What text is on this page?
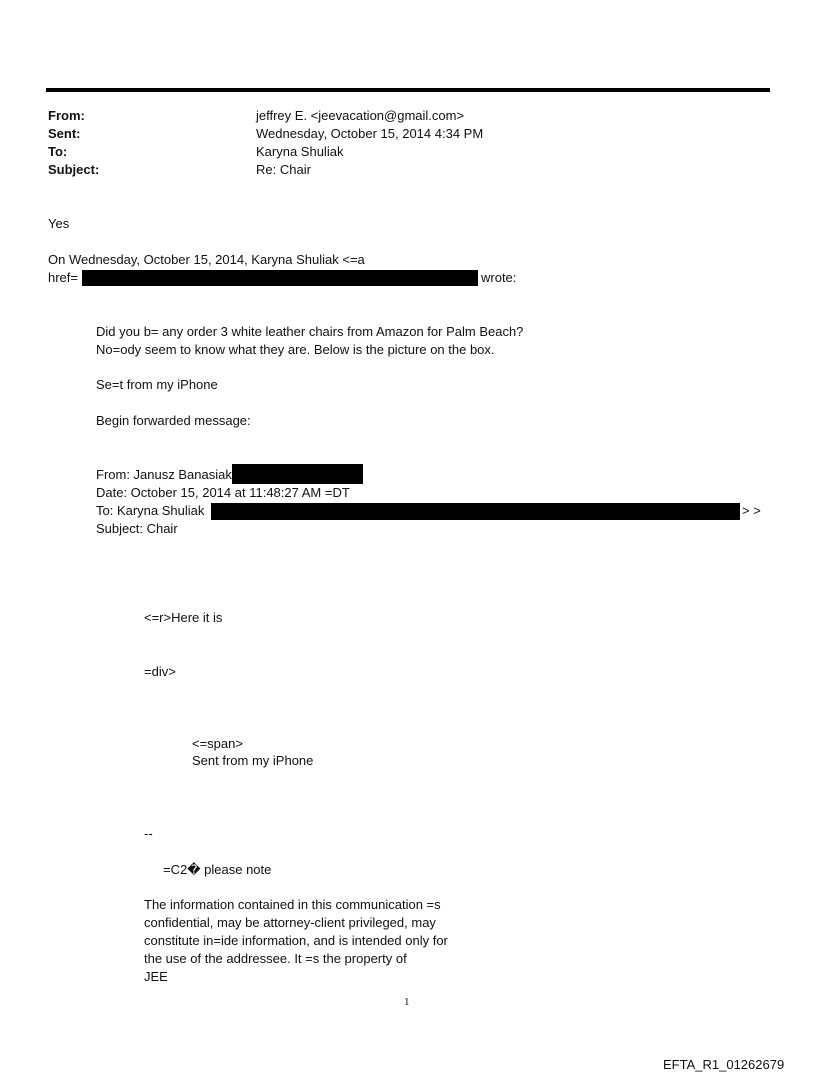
From:	jeffrey E. <jeevacation@gmail.com>
Sent:	Wednesday, October 15, 2014 4:34 PM
To:	Karyna Shuliak
Subject:	Re: Chair
Yes
On Wednesday, October 15, 2014, Karyna Shuliak <=a
href=	wrote:
Did you b= any order 3 white leather chairs from Amazon for Palm Beach?
No=ody seem to know what they are. Below is the picture on the box.
Se=t from my iPhone
Begin forwarded message:
From: Janusz Banasiak
Date: October 15, 2014 at 11:48:27 AM =DT
To: Karyna Shuliak	> >
Subject: Chair
<=r>Here it is
=div>
<=span>
Sent from my iPhone
--
=C2� please note
The information contained in this communication =s
confidential, may be attorney-client privileged, may
constitute in=ide information, and is intended only for
the use of the addressee. It =s the property of
JEE
1
EFTA_R1_01262679
